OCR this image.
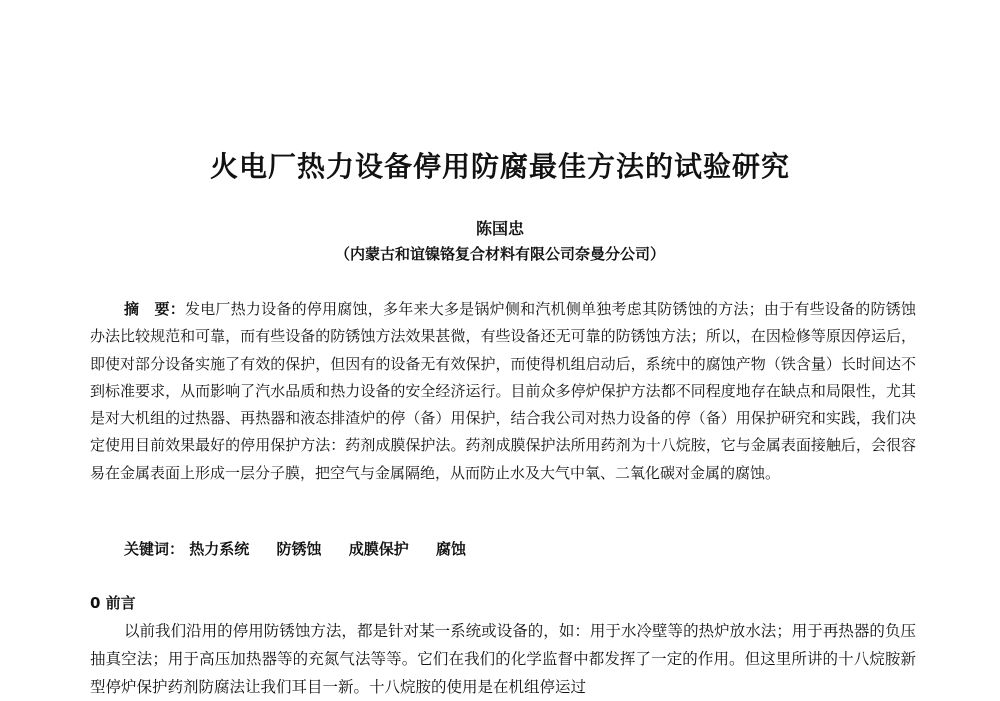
火电厂热力设备停用防腐最佳方法的试验研究
陈国忠
（内蒙古和谊镍铬复合材料有限公司奈曼分公司）
摘　要：发电厂热力设备的停用腐蚀，多年来大多是锅炉侧和汽机侧单独考虑其防锈蚀的方法；由于有些设备的防锈蚀办法比较规范和可靠，而有些设备的防锈蚀方法效果甚微，有些设备还无可靠的防锈蚀方法；所以，在因检修等原因停运后，即使对部分设备实施了有效的保护，但因有的设备无有效保护，而使得机组启动后，系统中的腐蚀产物（铁含量）长时间达不到标准要求，从而影响了汽水品质和热力设备的安全经济运行。目前众多停炉保护方法都不同程度地存在缺点和局限性，尤其是对大机组的过热器、再热器和液态排渣炉的停（备）用保护，结合我公司对热力设备的停（备）用保护研究和实践，我们决定使用目前效果最好的停用保护方法：药剂成膜保护法。药剂成膜保护法所用药剂为十八烷胺，它与金属表面接触后，会很容易在金属表面上形成一层分子膜，把空气与金属隔绝，从而防止水及大气中氧、二氧化碳对金属的腐蚀。
关键词： 热力系统 防锈蚀 成膜保护 腐蚀
0 前言
以前我们沿用的停用防锈蚀方法，都是针对某一系统或设备的，如：用于水冷壁等的热炉放水法；用于再热器的负压抽真空法；用于高压加热器等的充氮气法等等。它们在我们的化学监督中都发挥了一定的作用。但这里所讲的十八烷胺新型停炉保护药剂防腐法让我们耳目一新。十八烷胺的使用是在机组停运过
